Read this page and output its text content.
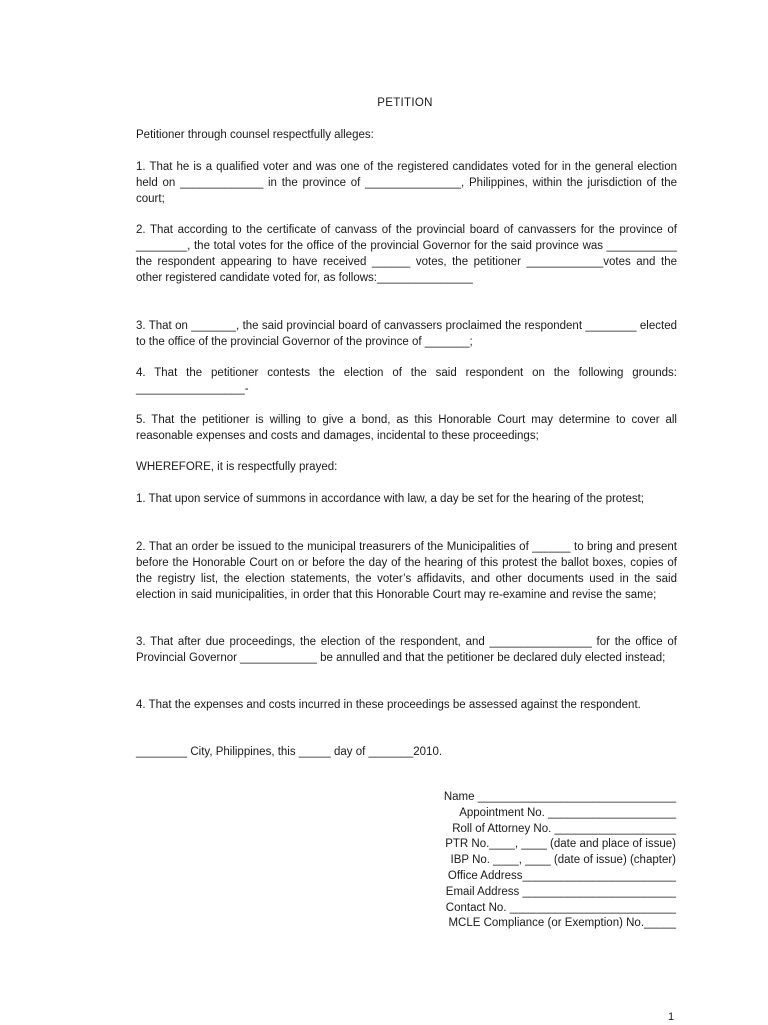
PETITION

Petitioner through counsel respectfully alleges:

1. That he is a qualified voter and was one of the registered candidates voted for in the general election held on _____________ in the province of _______________, Philippines, within the jurisdiction of the court;

2. That according to the certificate of canvass of the provincial board of canvassers for the province of ________, the total votes for the office of the provincial Governor for the said province was ___________ the respondent appearing to have received ______ votes, the petitioner ____________votes and the other registered candidate voted for, as follows:_______________

3. That on _______, the said provincial board of canvassers proclaimed the respondent ________ elected to the office of the provincial Governor of the province of _______;

4. That the petitioner contests the election of the said respondent on the following grounds: _________________-

5. That the petitioner is willing to give a bond, as this Honorable Court may determine to cover all reasonable expenses and costs and damages, incidental to these proceedings;

WHEREFORE, it is respectfully prayed:

1. That upon service of summons in accordance with law, a day be set for the hearing of the protest;

2. That an order be issued to the municipal treasurers of the Municipalities of ______ to bring and present before the Honorable Court on or before the day of the hearing of this protest the ballot boxes, copies of the registry list, the election statements, the voter’s affidavits, and other documents used in the said election in said municipalities, in order that this Honorable Court may re-examine and revise the same;

3. That after due proceedings, the election of the respondent, and ________________ for the office of Provincial Governor ____________ be annulled and that the petitioner be declared duly elected instead;

4. That the expenses and costs incurred in these proceedings be assessed against the respondent.

________ City, Philippines, this _____ day of _______2010.

Name _______________________________
Appointment No. ____________________
Roll of Attorney No. ___________________
PTR No.____, ____ (date and place of issue)
IBP No. ____, ____ (date of issue) (chapter)
Office Address________________________
Email Address ________________________
Contact No. __________________________
MCLE Compliance (or Exemption) No._____
1
